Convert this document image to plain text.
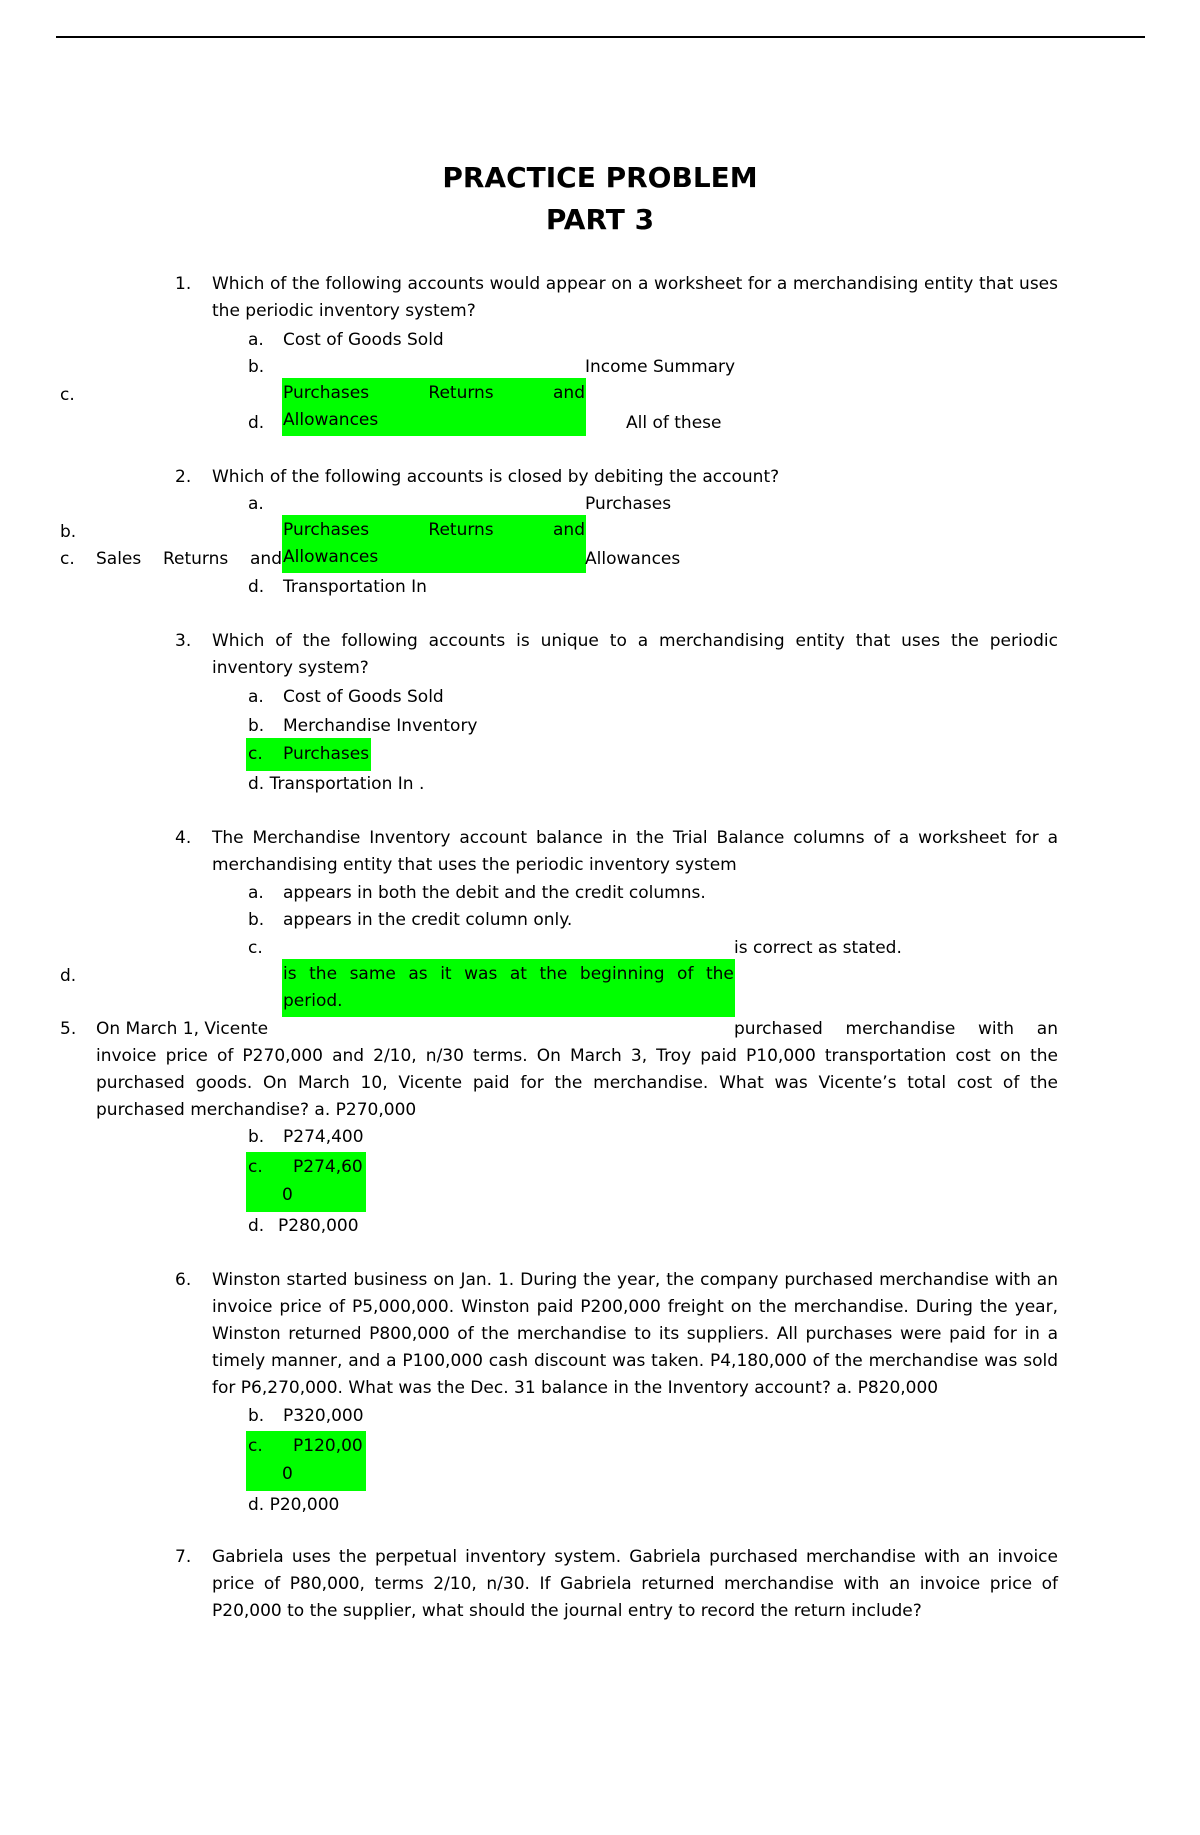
PRACTICE PROBLEM
PART 3
1. Which of the following accounts would appear on a worksheet for a merchandising entity that uses the periodic inventory system?
a. Cost of Goods Sold
b.	Income Summary
c.	Purchases	Returns	and
Allowances
d.	All of these
2. Which of the following accounts is closed by debiting the account?
a.	Purchases
b.	Purchases	Returns	and
Allowances
c. Sales Returns and	Allowances
d. Transportation In
3. Which of the following accounts is unique to a merchandising entity that uses the periodic inventory system?
a. Cost of Goods Sold
b. Merchandise Inventory
c. Purchases
d. Transportation In .
4. The Merchandise Inventory account balance in the Trial Balance columns of a worksheet for a merchandising entity that uses the periodic inventory system
a. appears in both the debit and the credit columns.
b. appears in the credit column only.
c.	is correct as stated.
d.	is the same as it was at the beginning of the
period.
5. On March 1, Vicente	purchased merchandise with an
invoice price of P270,000 and 2/10, n/30 terms. On March 3, Troy paid P10,000 transportation cost on the purchased goods. On March 10, Vicente paid for the merchandise. What was Vicente’s total cost of the purchased merchandise? a. P270,000
b. P274,400
c. P274,60
0
d. P280,000
6. Winston started business on Jan. 1. During the year, the company purchased merchandise with an invoice price of P5,000,000. Winston paid P200,000 freight on the merchandise. During the year, Winston returned P800,000 of the merchandise to its suppliers. All purchases were paid for in a timely manner, and a P100,000 cash discount was taken. P4,180,000 of the merchandise was sold for P6,270,000. What was the Dec. 31 balance in the Inventory account? a. P820,000
b. P320,000
c. P120,00
0
d. P20,000
7. Gabriela uses the perpetual inventory system. Gabriela purchased merchandise with an invoice price of P80,000, terms 2/10, n/30. If Gabriela returned merchandise with an invoice price of P20,000 to the supplier, what should the journal entry to record the return include?
